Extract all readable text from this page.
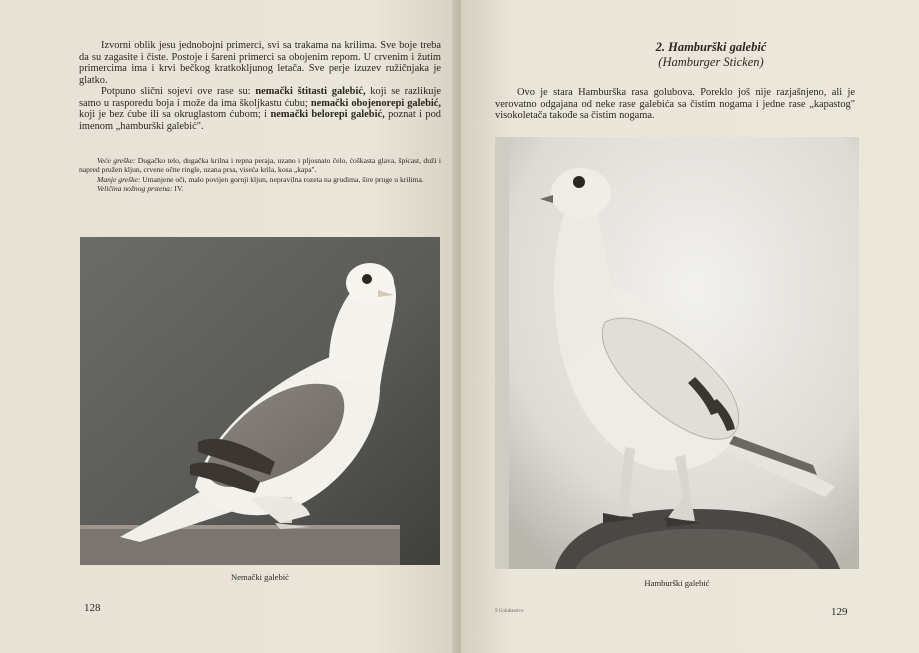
Izvorni oblik jesu jednobojni primerci, svi sa trakama na krilima. Sve boje treba da su zagasite i čiste. Postoje i šareni primerci sa obojenim repom. U crvenim i žutim primercima ima i krvi bečkog kratkokljunog letača. Sve perje izuzev ružičnjaka je glatko.

Potpuno slični sojevi ove rase su: nemački štitasti galebić, koji se razlikuje samo u rasporedu boja i može da ima školjkastu ćubu; nemački obojenorepi galebić, koji je bez ćube ili sa okruglastom ćubom; i nemački belorepi galebić, poznat i pod imenom „hamburški galebić".

Veće greške: Dugačko telo, dugačka krilna i repna peraja, uzano i pljosnato čelo, ćoškasta glava, špicast, duži i napred pružen kljun, crvene očne ringle, uzana prsa, viseća krila, kosa „kapa".

Manje greške: Umanjene oči, malo povijen gornji kljun, nepravilna rozeta na grudima, šire pruge u krilima.

Veličina nožnog prstena: IV.

Nemački galebić
128
2. Hamburški galebić
(Hamburger Sticken)

Ovo je stara Hamburška rasa golubova. Poreklo još nije razjašnjeno, ali je verovatno odgajana od neke rase galebića sa čistim nogama i jedne rase „kapastog" visokoletača takođe sa čistim nogama.

Hamburški galebić
9 Golubarstvo	129
